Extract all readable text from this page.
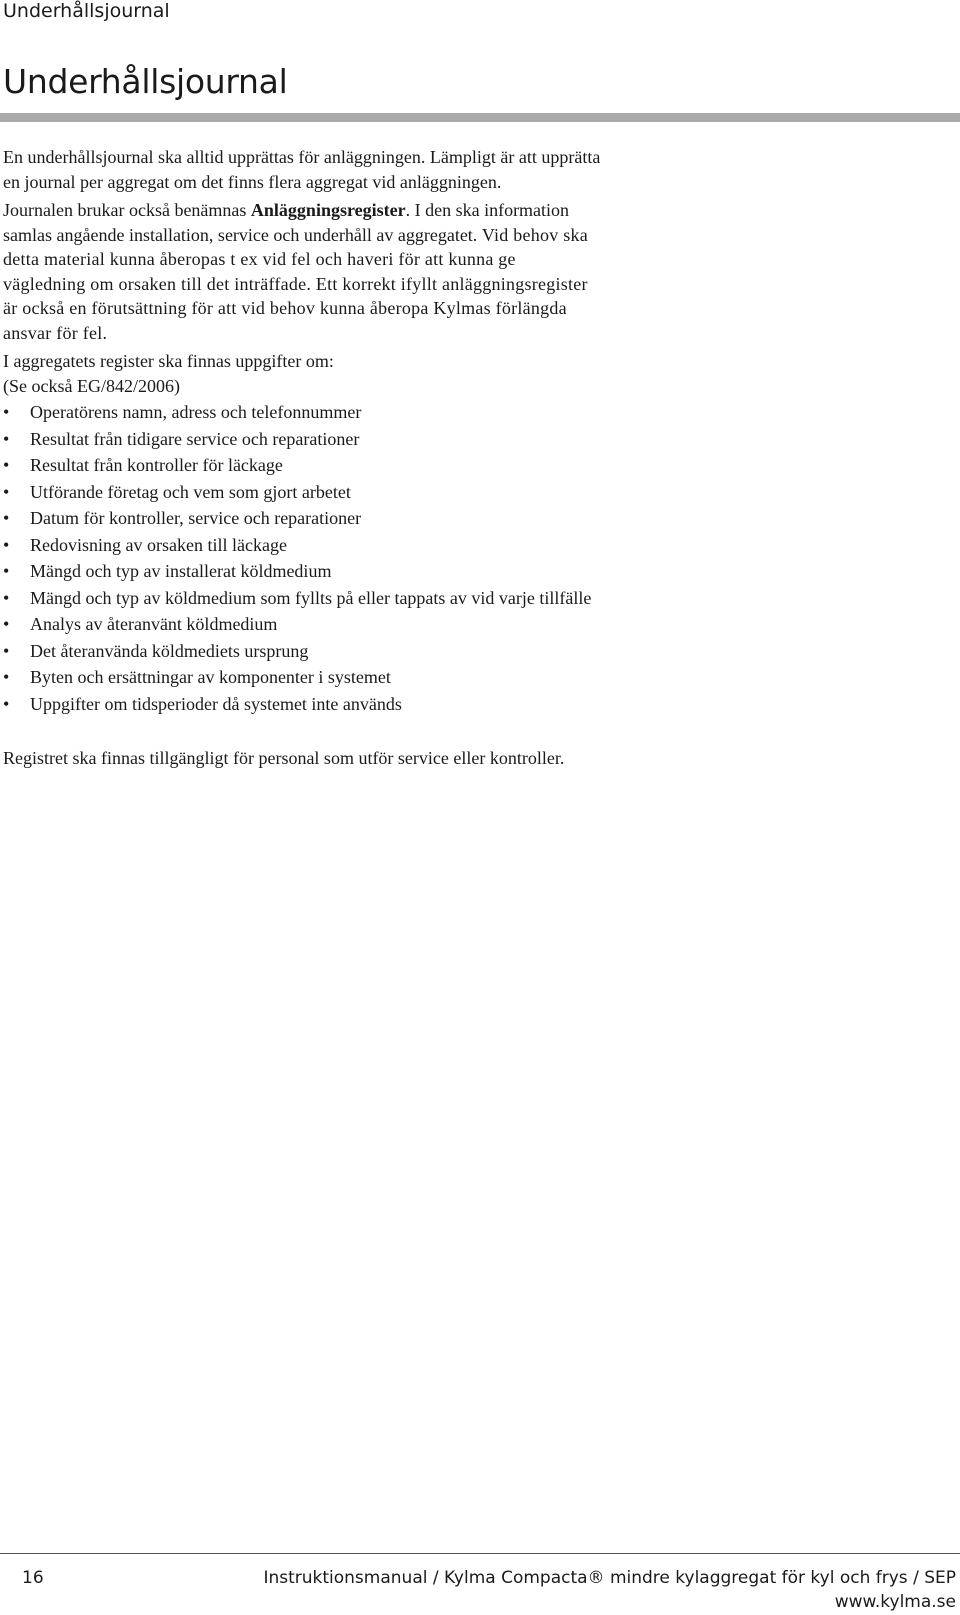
Underhållsjournal
Underhållsjournal

En underhållsjournal ska alltid upprättas för anläggningen. Lämpligt är att upprätta en journal per aggregat om det finns flera aggregat vid anläggningen.

Journalen brukar också benämnas Anläggningsregister. I den ska information samlas angående installation, service och underhåll av aggregatet. Vid behov ska detta material kunna åberopas t ex vid fel och haveri för att kunna ge vägledning om orsaken till det inträffade. Ett korrekt ifyllt anläggningsregister är också en förutsättning för att vid behov kunna åberopa Kylmas förlängda ansvar för fel.

I aggregatets register ska finnas uppgifter om:
(Se också EG/842/2006)

• Operatörens namn, adress och telefonnummer
• Resultat från tidigare service och reparationer
• Resultat från kontroller för läckage
• Utförande företag och vem som gjort arbetet
• Datum för kontroller, service och reparationer
• Redovisning av orsaken till läckage
• Mängd och typ av installerat köldmedium
• Mängd och typ av köldmedium som fyllts på eller tappats av vid varje tillfälle
• Analys av återanvänt köldmedium
• Det återanvända köldmediets ursprung
• Byten och ersättningar av komponenter i systemet
• Uppgifter om tidsperioder då systemet inte används

Registret ska finnas tillgängligt för personal som utför service eller kontroller.

16	Instruktionsmanual / Kylma Compacta® mindre kylaggregat för kyl och frys / SEP
www.kylma.se
